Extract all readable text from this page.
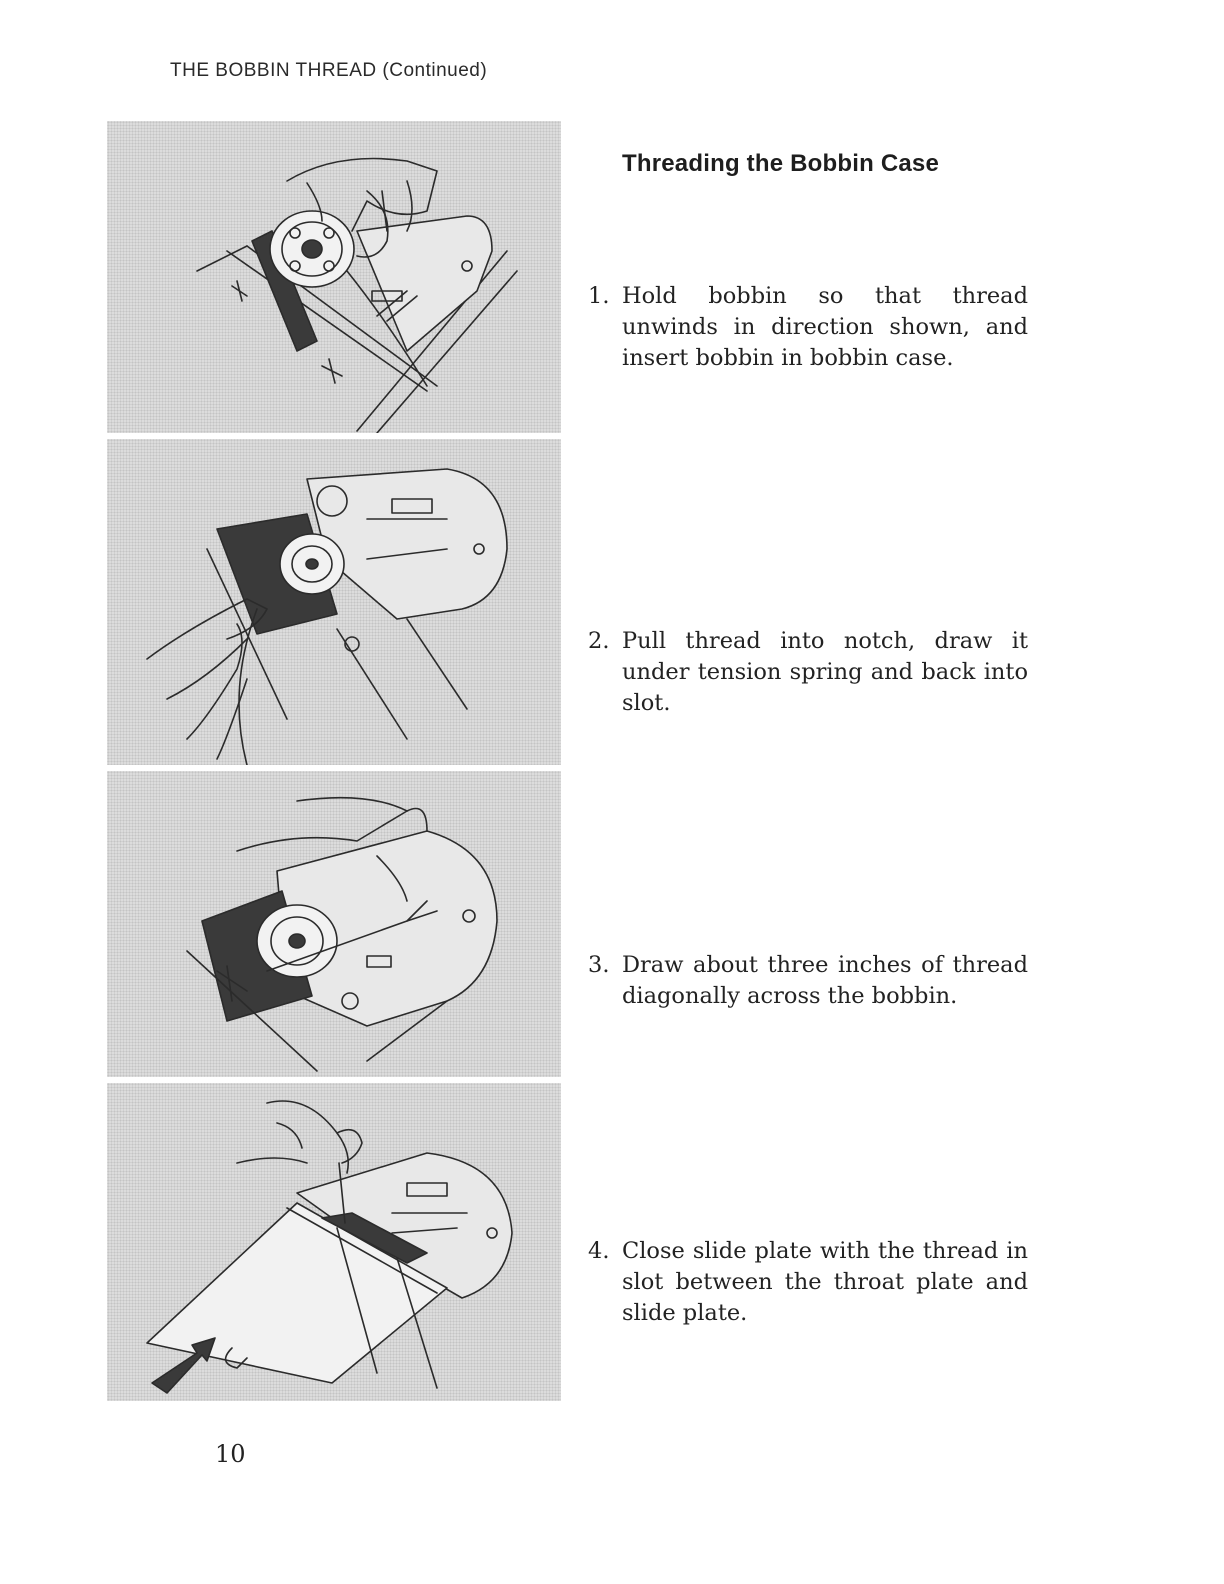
THE BOBBIN THREAD (Continued)
Threading the Bobbin Case
1. Hold bobbin so that thread unwinds in direction shown, and insert bobbin in bobbin case.
2. Pull thread into notch, draw it under tension spring and back into slot.
3. Draw about three inches of thread diagonally across the bobbin.
4. Close slide plate with the thread in slot between the throat plate and slide plate.
10
